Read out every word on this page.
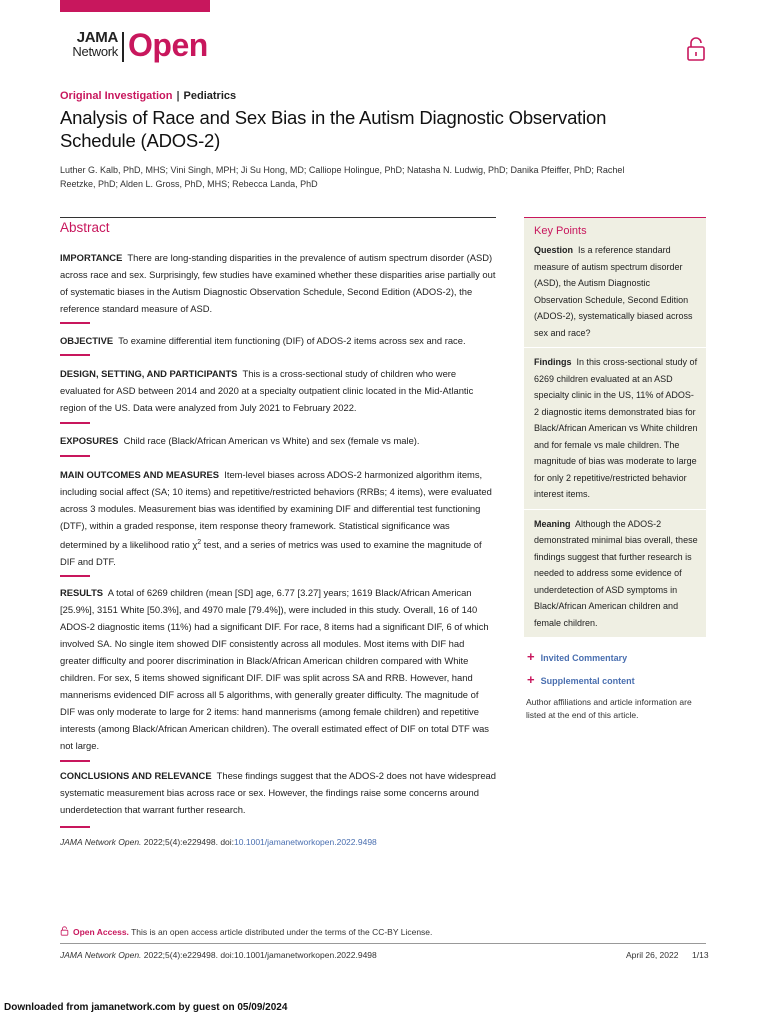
JAMA
Network Open
Original Investigation | Pediatrics
Analysis of Race and Sex Bias in the Autism Diagnostic Observation Schedule (ADOS-2)
Luther G. Kalb, PhD, MHS; Vini Singh, MPH; Ji Su Hong, MD; Calliope Holingue, PhD; Natasha N. Ludwig, PhD; Danika Pfeiffer, PhD; Rachel Reetzke, PhD; Alden L. Gross, PhD, MHS; Rebecca Landa, PhD
Abstract
IMPORTANCE There are long-standing disparities in the prevalence of autism spectrum disorder (ASD) across race and sex. Surprisingly, few studies have examined whether these disparities arise partially out of systematic biases in the Autism Diagnostic Observation Schedule, Second Edition (ADOS-2), the reference standard measure of ASD.
OBJECTIVE To examine differential item functioning (DIF) of ADOS-2 items across sex and race.
DESIGN, SETTING, AND PARTICIPANTS This is a cross-sectional study of children who were evaluated for ASD between 2014 and 2020 at a specialty outpatient clinic located in the Mid-Atlantic region of the US. Data were analyzed from July 2021 to February 2022.
EXPOSURES Child race (Black/African American vs White) and sex (female vs male).
MAIN OUTCOMES AND MEASURES Item-level biases across ADOS-2 harmonized algorithm items, including social affect (SA; 10 items) and repetitive/restricted behaviors (RRBs; 4 items), were evaluated across 3 modules. Measurement bias was identified by examining DIF and differential test functioning (DTF), within a graded response, item response theory framework. Statistical significance was determined by a likelihood ratio $\chi^2$ test, and a series of metrics was used to examine the magnitude of DIF and DTF.
RESULTS A total of 6269 children (mean [SD] age, 6.77 [3.27] years; 1619 Black/African American [25.9%], 3151 White [50.3%], and 4970 male [79.4%]), were included in this study. Overall, 16 of 140 ADOS-2 diagnostic items (11%) had a significant DIF. For race, 8 items had a significant DIF, 6 of which involved SA. No single item showed DIF consistently across all modules. Most items with DIF had greater difficulty and poorer discrimination in Black/African American children compared with White children. For sex, 5 items showed significant DIF. DIF was split across SA and RRB. However, hand mannerisms evidenced DIF across all 5 algorithms, with generally greater difficulty. The magnitude of DIF was only moderate to large for 2 items: hand mannerisms (among female children) and repetitive interests (among Black/African American children). The overall estimated effect of DIF on total DTF was not large.
CONCLUSIONS AND RELEVANCE These findings suggest that the ADOS-2 does not have widespread systematic measurement bias across race or sex. However, the findings raise some concerns around underdetection that warrant further research.
JAMA Network Open. 2022;5(4):e229498. doi:10.1001/jamanetworkopen.2022.9498
Key Points
Question Is a reference standard measure of autism spectrum disorder (ASD), the Autism Diagnostic Observation Schedule, Second Edition (ADOS-2), systematically biased across sex and race?
Findings In this cross-sectional study of 6269 children evaluated at an ASD specialty clinic in the US, 11% of ADOS-2 diagnostic items demonstrated bias for Black/African American vs White children and for female vs male children. The magnitude of bias was moderate to large for only 2 repetitive/restricted behavior interest items.
Meaning Although the ADOS-2 demonstrated minimal bias overall, these findings suggest that further research is needed to address some evidence of underdetection of ASD symptoms in Black/African American children and female children.
+ Invited Commentary
+ Supplemental content
Author affiliations and article information are listed at the end of this article.
Open Access. This is an open access article distributed under the terms of the CC-BY License.
JAMA Network Open. 2022;5(4):e229498. doi:10.1001/jamanetworkopen.2022.9498	April 26, 2022 1/13
Downloaded from jamanetwork.com by guest on 05/09/2024
